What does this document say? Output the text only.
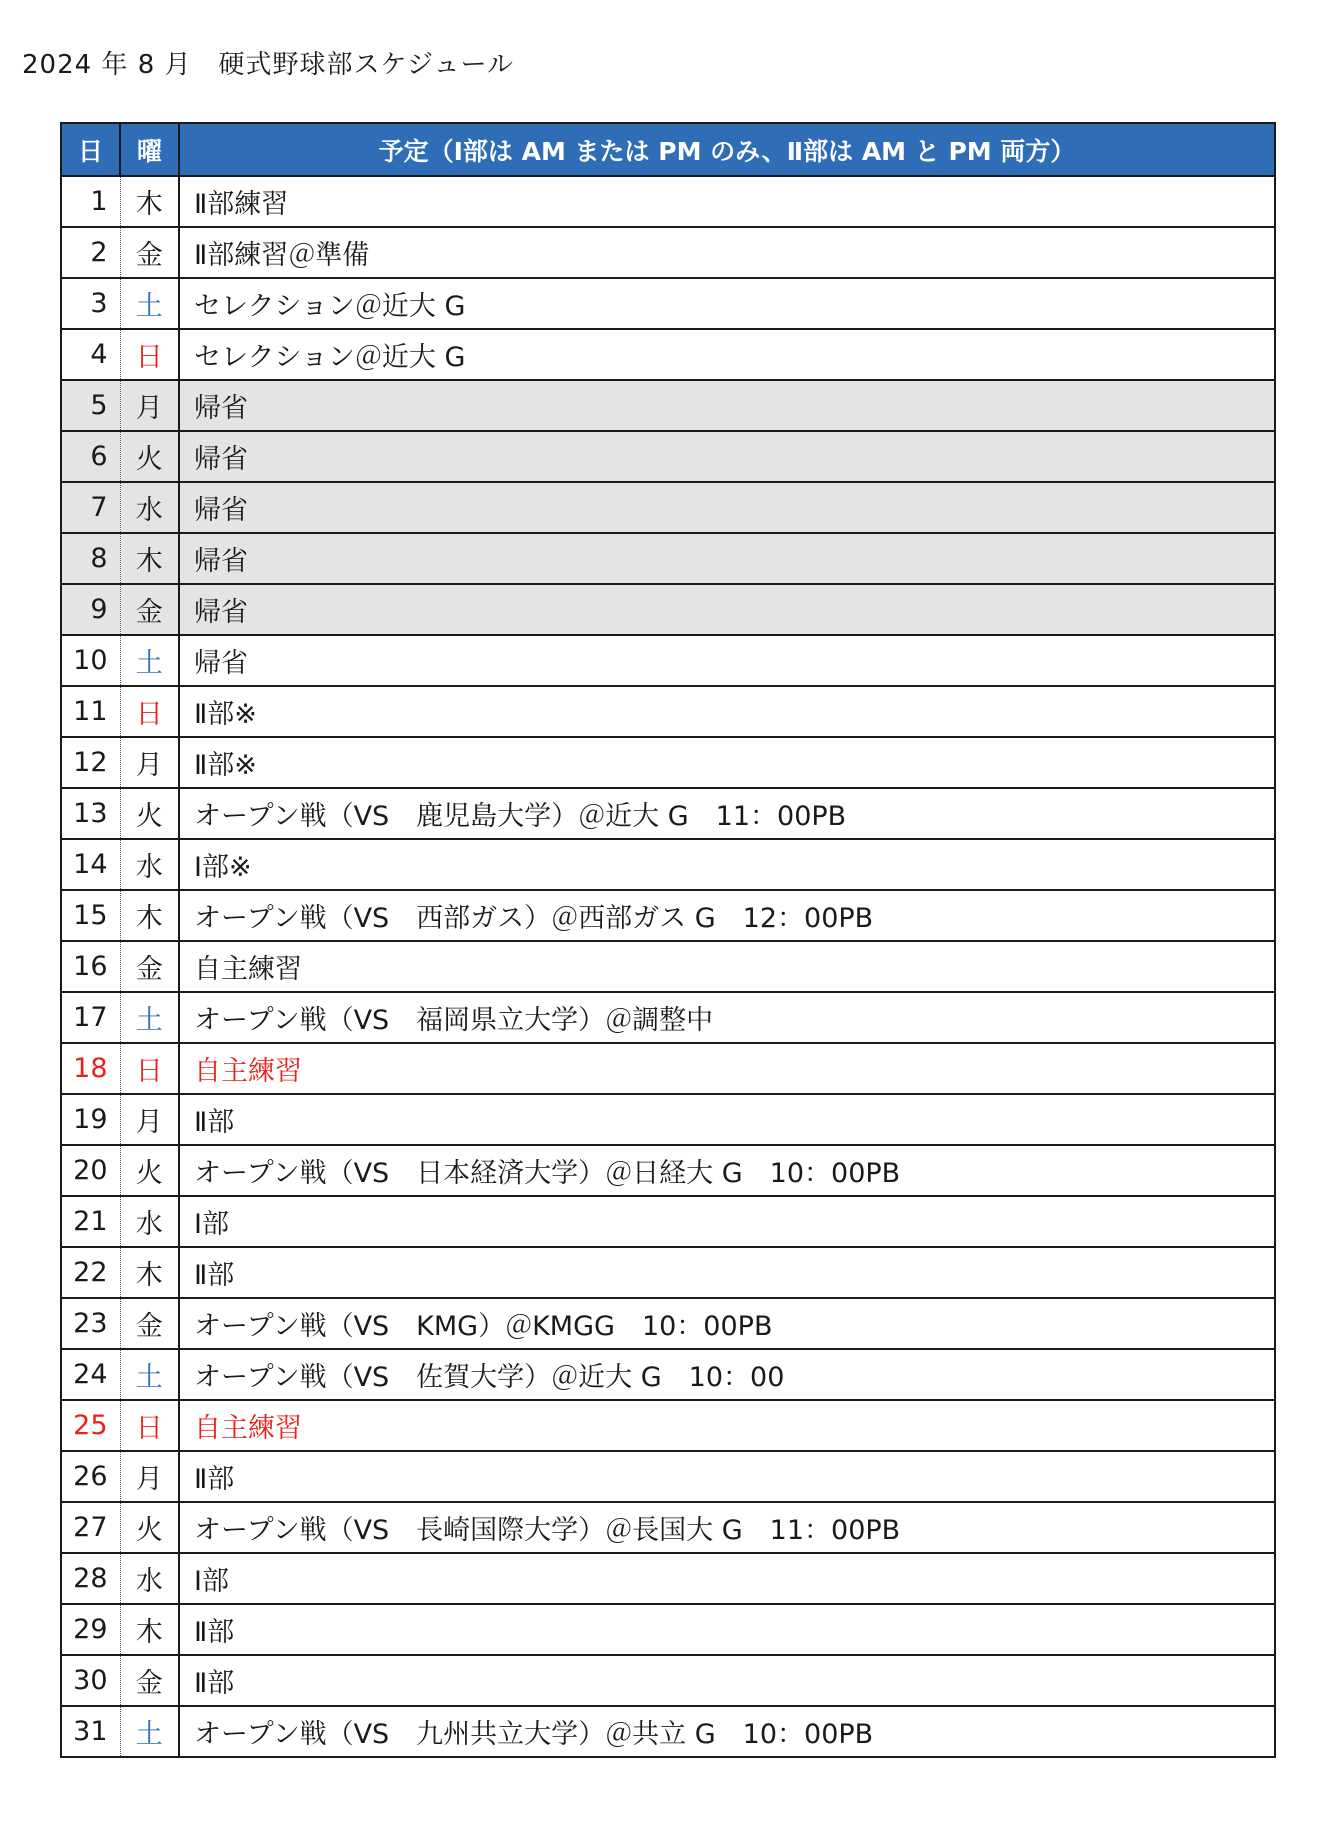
2024 年 8 月　硬式野球部スケジュール
日	曜	予定（Ⅰ部は AM または PM のみ、Ⅱ部は AM と PM 両方）
1	木	Ⅱ部練習
2	金	Ⅱ部練習＠準備
3	土	セレクション＠近大 G
4	日	セレクション＠近大 G
5	月	帰省
6	火	帰省
7	水	帰省
8	木	帰省
9	金	帰省
10	土	帰省
11	日	Ⅱ部※
12	月	Ⅱ部※
13	火	オープン戦（VS　鹿児島大学）＠近大 G　11：00PB
14	水	Ⅰ部※
15	木	オープン戦（VS　西部ガス）＠西部ガス G　12：00PB
16	金	自主練習
17	土	オープン戦（VS　福岡県立大学）＠調整中
18	日	自主練習
19	月	Ⅱ部
20	火	オープン戦（VS　日本経済大学）＠日経大 G　10：00PB
21	水	Ⅰ部
22	木	Ⅱ部
23	金	オープン戦（VS　KMG）＠KMGG　10：00PB
24	土	オープン戦（VS　佐賀大学）＠近大 G　10：00
25	日	自主練習
26	月	Ⅱ部
27	火	オープン戦（VS　長崎国際大学）＠長国大 G　11：00PB
28	水	Ⅰ部
29	木	Ⅱ部
30	金	Ⅱ部
31	土	オープン戦（VS　九州共立大学）＠共立 G　10：00PB
